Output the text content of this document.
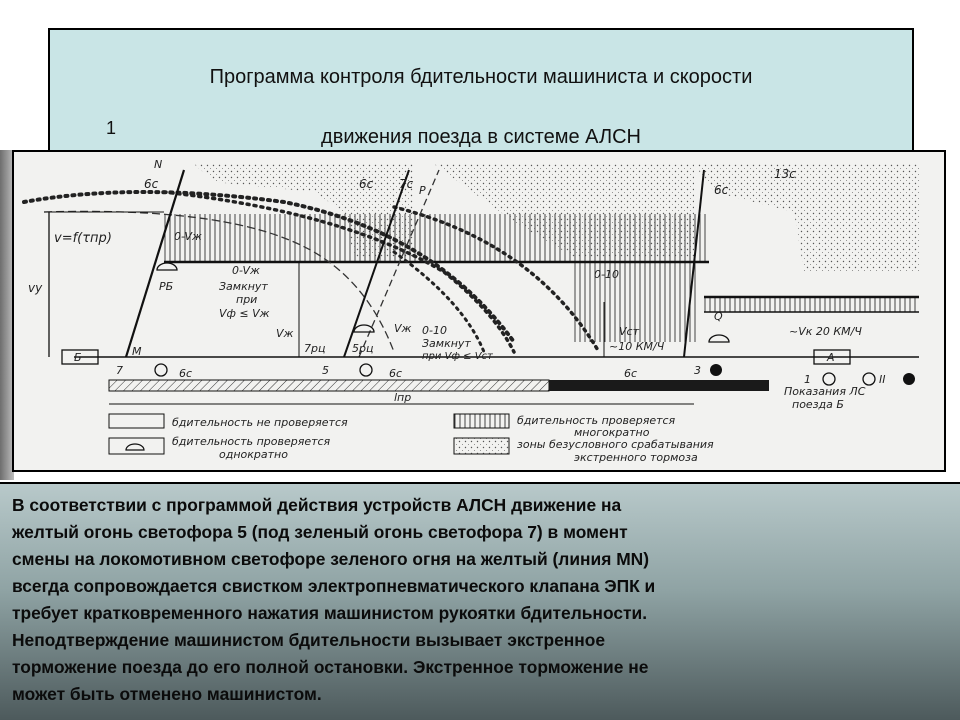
Программа контроля бдительности машиниста и скорости
1	движения поезда в системе АЛСН
N
M
P
Q
6c	6с 7c
13с
6с
v=f(τпр)
vy
0-Vж
0-Vж
Замкнут
при
Vф ≤ Vж
0-10
Замкнут
при Vф ≤ Vст
0-10
Vж	Vж
РБ
7рц 5рц
Vст
~10 КМ/Ч
~Vк 20 КМ/Ч
Б	А
7	5	3
1	II
6с	6с	6с
lпр	Показания ЛС
поезда Б
бдительность не проверяется
бдительность проверяется
однократно
бдительность проверяется
многократно
зоны безусловного срабатывания
экстренного тормоза
В соответствии с программой действия устройств АЛСН движение на
желтый огонь светофора 5 (под зеленый огонь светофора 7) в момент
смены на локомотивном светофоре зеленого огня на желтый (линия MN)
всегда сопровождается свистком электропневматического клапана ЭПК и
требует кратковременного нажатия машинистом рукоятки бдительности.
Неподтверждение машинистом бдительности вызывает экстренное
торможение поезда до его полной остановки. Экстренное торможение не
может быть отменено машинистом.
